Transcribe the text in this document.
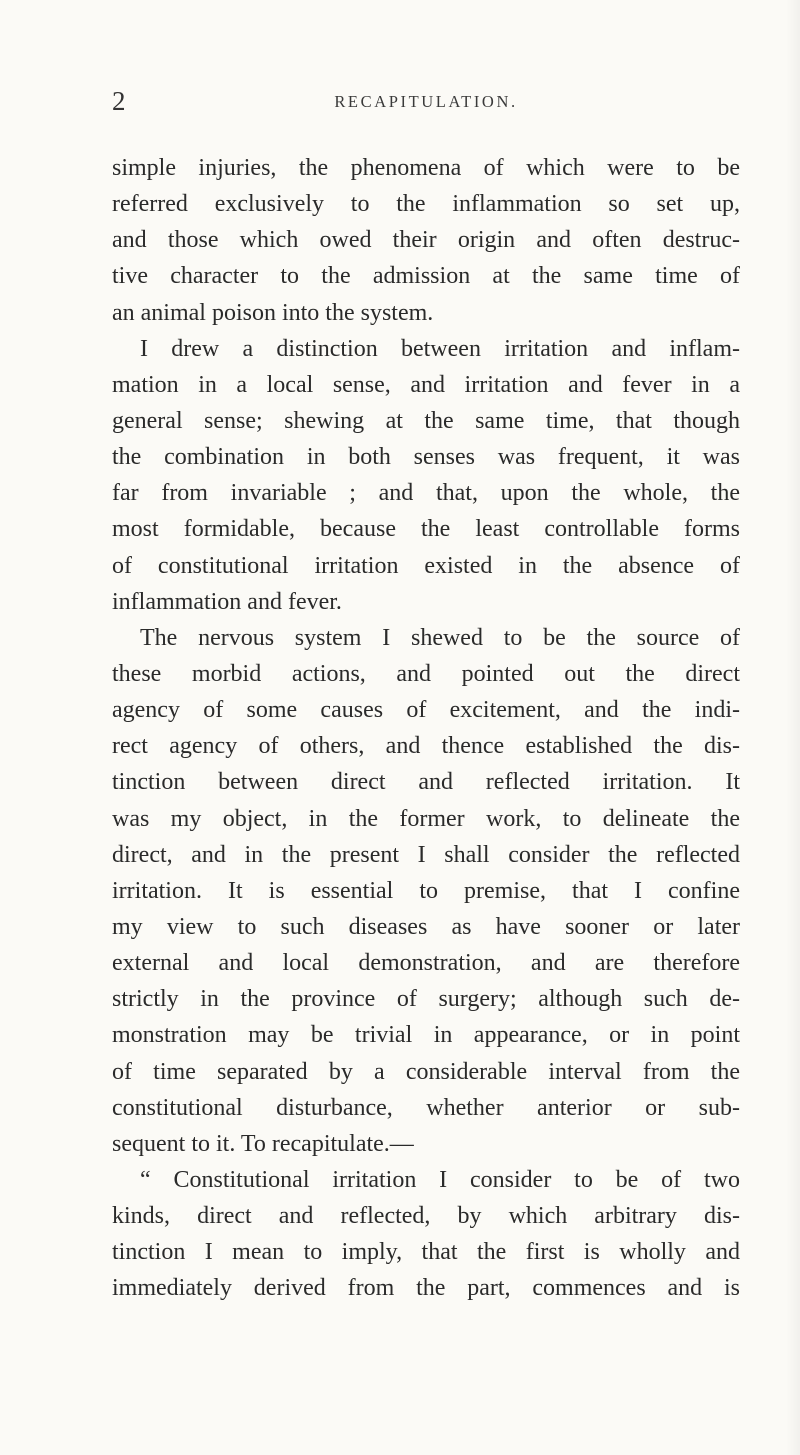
2	RECAPITULATION.
simple injuries, the phenomena of which were to be
referred exclusively to the inflammation so set up,
and those which owed their origin and often destruc-
tive character to the admission at the same time of
an animal poison into the system.
I drew a distinction between irritation and inflam-
mation in a local sense, and irritation and fever in a
general sense; shewing at the same time, that though
the combination in both senses was frequent, it was
far from invariable ; and that, upon the whole, the
most formidable, because the least controllable forms
of constitutional irritation existed in the absence of
inflammation and fever.
The nervous system I shewed to be the source of
these morbid actions, and pointed out the direct
agency of some causes of excitement, and the indi-
rect agency of others, and thence established the dis-
tinction between direct and reflected irritation. It
was my object, in the former work, to delineate the
direct, and in the present I shall consider the reflected
irritation. It is essential to premise, that I confine
my view to such diseases as have sooner or later
external and local demonstration, and are therefore
strictly in the province of surgery; although such de-
monstration may be trivial in appearance, or in point
of time separated by a considerable interval from the
constitutional disturbance, whether anterior or sub-
sequent to it. To recapitulate.—
“ Constitutional irritation I consider to be of two
kinds, direct and reflected, by which arbitrary dis-
tinction I mean to imply, that the first is wholly and
immediately derived from the part, commences and is
